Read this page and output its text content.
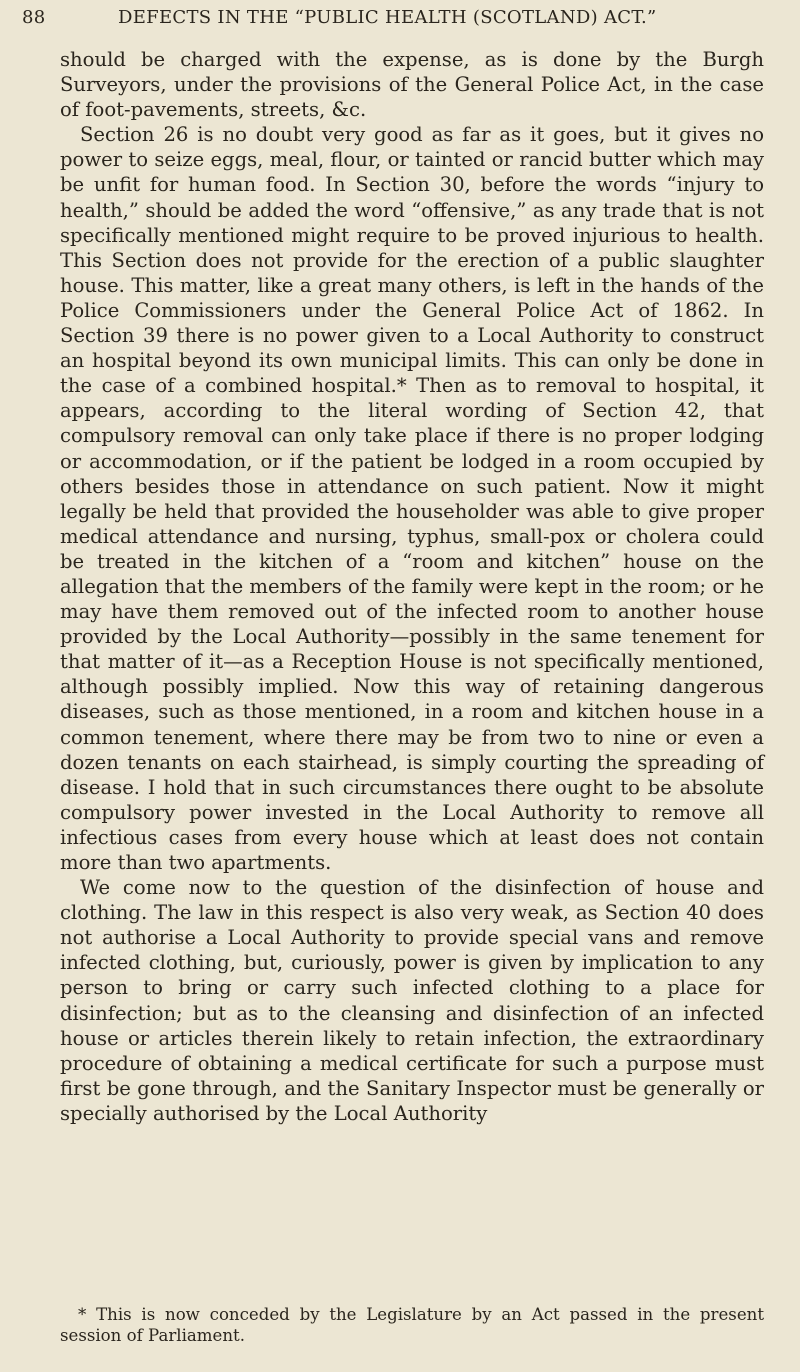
88	DEFECTS IN THE “PUBLIC HEALTH (SCOTLAND) ACT.”

should be charged with the expense, as is done by the Burgh Surveyors, under the provisions of the General Police Act, in the case of foot-pavements, streets, &c.

Section 26 is no doubt very good as far as it goes, but it gives no power to seize eggs, meal, flour, or tainted or rancid butter which may be unfit for human food. In Section 30, before the words “injury to health,” should be added the word “offensive,” as any trade that is not specifically mentioned might require to be proved injurious to health. This Section does not provide for the erection of a public slaughter house. This matter, like a great many others, is left in the hands of the Police Commissioners under the General Police Act of 1862. In Section 39 there is no power given to a Local Authority to construct an hospital beyond its own municipal limits. This can only be done in the case of a combined hospital.* Then as to removal to hospital, it appears, according to the literal wording of Section 42, that compulsory removal can only take place if there is no proper lodging or accommodation, or if the patient be lodged in a room occupied by others besides those in attendance on such patient. Now it might legally be held that provided the householder was able to give proper medical attendance and nursing, typhus, small-pox or cholera could be treated in the kitchen of a “room and kitchen” house on the allegation that the members of the family were kept in the room; or he may have them removed out of the infected room to another house provided by the Local Authority—possibly in the same tenement for that matter of it—as a Reception House is not specifically mentioned, although possibly implied. Now this way of retaining dangerous diseases, such as those mentioned, in a room and kitchen house in a common tenement, where there may be from two to nine or even a dozen tenants on each stairhead, is simply courting the spreading of disease. I hold that in such circumstances there ought to be absolute compulsory power invested in the Local Authority to remove all infectious cases from every house which at least does not contain more than two apartments.

We come now to the question of the disinfection of house and clothing. The law in this respect is also very weak, as Section 40 does not authorise a Local Authority to provide special vans and remove infected clothing, but, curiously, power is given by implication to any person to bring or carry such infected clothing to a place for disinfection; but as to the cleansing and disinfection of an infected house or articles therein likely to retain infection, the extraordinary procedure of obtaining a medical certificate for such a purpose must first be gone through, and the Sanitary Inspector must be generally or specially authorised by the Local Authority

* This is now conceded by the Legislature by an Act passed in the present session of Parliament.
